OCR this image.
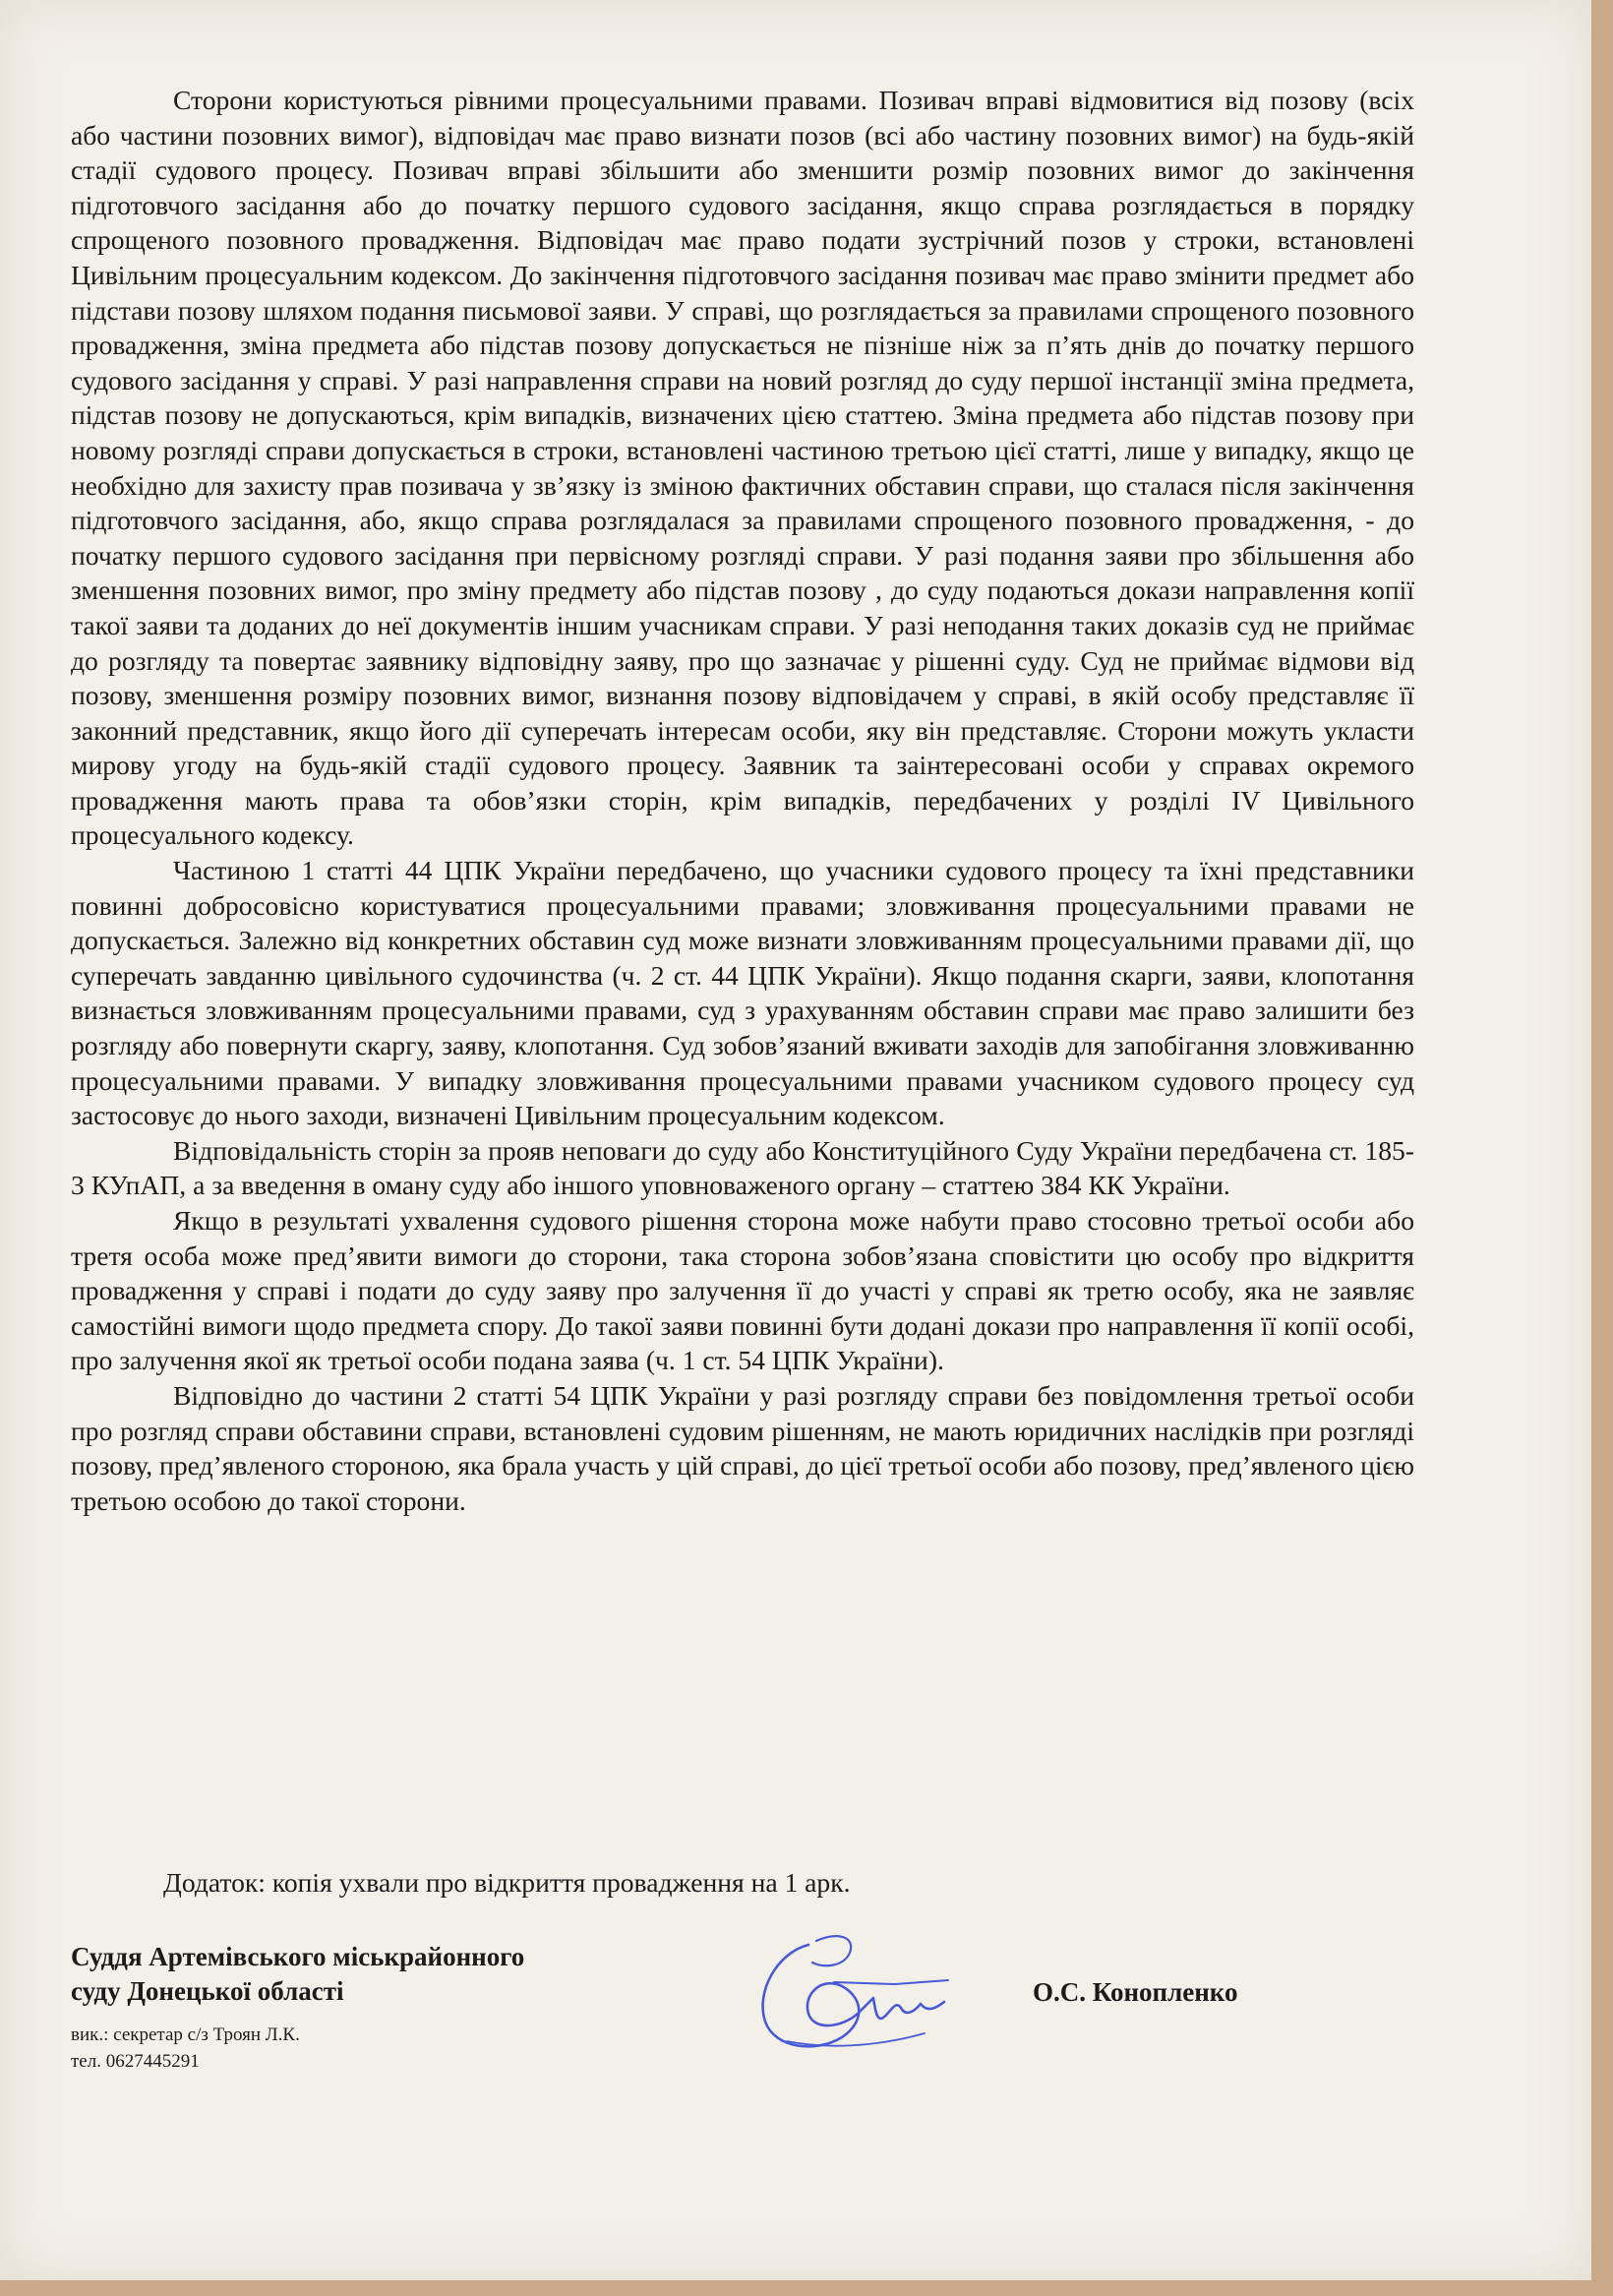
Сторони користуються рівними процесуальними правами. Позивач вправі відмовитися від позову (всіх або частини позовних вимог), відповідач має право визнати позов (всі або частину позовних вимог) на будь-якій стадії судового процесу. Позивач вправі збільшити або зменшити розмір позовних вимог до закінчення підготовчого засідання або до початку першого судового засідання, якщо справа розглядається в порядку спрощеного позовного провадження. Відповідач має право подати зустрічний позов у строки, встановлені Цивільним процесуальним кодексом. До закінчення підготовчого засідання позивач має право змінити предмет або підстави позову шляхом подання письмової заяви. У справі, що розглядається за правилами спрощеного позовного провадження, зміна предмета або підстав позову допускається не пізніше ніж за п’ять днів до початку першого судового засідання у справі. У разі направлення справи на новий розгляд до суду першої інстанції зміна предмета, підстав позову не допускаються, крім випадків, визначених цією статтею. Зміна предмета або підстав позову при новому розгляді справи допускається в строки, встановлені частиною третьою цієї статті, лише у випадку, якщо це необхідно для захисту прав позивача у зв’язку із зміною фактичних обставин справи, що сталася після закінчення підготовчого засідання, або, якщо справа розглядалася за правилами спрощеного позовного провадження, - до початку першого судового засідання при первісному розгляді справи. У разі подання заяви про збільшення або зменшення позовних вимог, про зміну предмету або підстав позову , до суду подаються докази направлення копії такої заяви та доданих до неї документів іншим учасникам справи. У разі неподання таких доказів суд не приймає до розгляду та повертає заявнику відповідну заяву, про що зазначає у рішенні суду. Суд не приймає відмови від позову, зменшення розміру позовних вимог, визнання позову відповідачем у справі, в якій особу представляє її законний представник, якщо його дії суперечать інтересам особи, яку він представляє. Сторони можуть укласти мирову угоду на будь-якій стадії судового процесу. Заявник та заінтересовані особи у справах окремого провадження мають права та обов’язки сторін, крім випадків, передбачених у розділі IV Цивільного процесуального кодексу.

Частиною 1 статті 44 ЦПК України передбачено, що учасники судового процесу та їхні представники повинні добросовісно користуватися процесуальними правами; зловживання процесуальними правами не допускається. Залежно від конкретних обставин суд може визнати зловживанням процесуальними правами дії, що суперечать завданню цивільного судочинства (ч. 2 ст. 44 ЦПК України). Якщо подання скарги, заяви, клопотання визнається зловживанням процесуальними правами, суд з урахуванням обставин справи має право залишити без розгляду або повернути скаргу, заяву, клопотання. Суд зобов’язаний вживати заходів для запобігання зловживанню процесуальними правами. У випадку зловживання процесуальними правами учасником судового процесу суд застосовує до нього заходи, визначені Цивільним процесуальним кодексом.

Відповідальність сторін за прояв неповаги до суду або Конституційного Суду України передбачена ст. 185-3 КУпАП, а за введення в оману суду або іншого уповноваженого органу – статтею 384 КК України.

Якщо в результаті ухвалення судового рішення сторона може набути право стосовно третьої особи або третя особа може пред’явити вимоги до сторони, така сторона зобов’язана сповістити цю особу про відкриття провадження у справі і подати до суду заяву про залучення її до участі у справі як третю особу, яка не заявляє самостійні вимоги щодо предмета спору. До такої заяви повинні бути додані докази про направлення її копії особі, про залучення якої як третьої особи подана заява (ч. 1 ст. 54 ЦПК України).

Відповідно до частини 2 статті 54 ЦПК України у разі розгляду справи без повідомлення третьої особи про розгляд справи обставини справи, встановлені судовим рішенням, не мають юридичних наслідків при розгляді позову, пред’явленого стороною, яка брала участь у цій справі, до цієї третьої особи або позову, пред’явленого цією третьою особою до такої сторони.

Додаток: копія ухвали про відкриття провадження на 1 арк.
Суддя Артемівського міськрайонного
суду Донецької області
вик.: секретар с/з Троян Л.К.
тел. 0627445291
О.С. Конопленко
